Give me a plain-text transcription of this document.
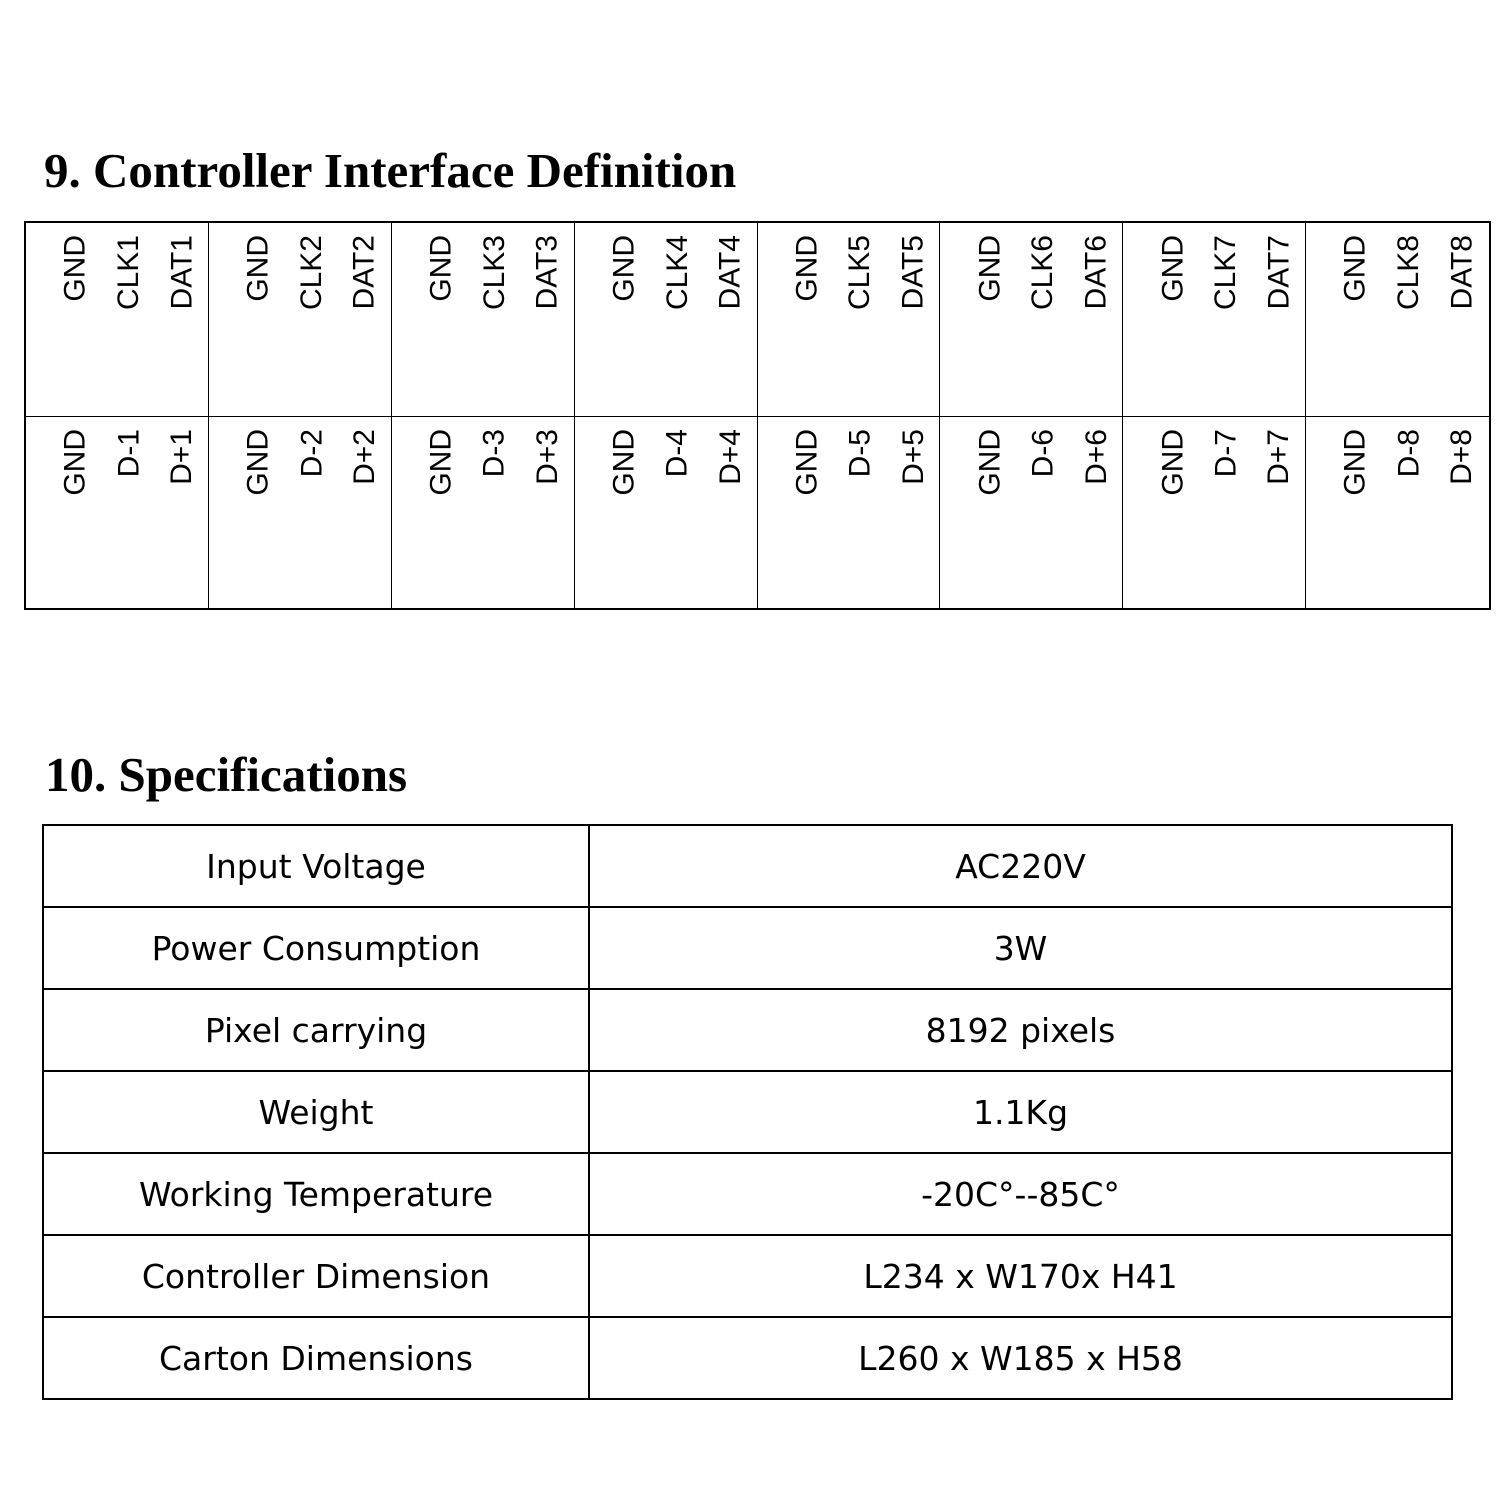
9. Controller Interface Definition
GND CLK1 DAT1 GND CLK2 DAT2 GND CLK3 DAT3 GND CLK4 DAT4 GND CLK5 DAT5 GND CLK6 DAT6 GND CLK7 DAT7 GND CLK8 DAT8
GND D-1 D+1 GND D-2 D+2 GND D-3 D+3 GND D-4 D+4 GND D-5 D+5 GND D-6 D+6 GND D-7 D+7 GND D-8 D+8
10. Specifications
Input Voltage	AC220V
Power Consumption	3W
Pixel carrying	8192 pixels
Weight	1.1Kg
Working Temperature	-20C°--85C°
Controller Dimension	L234 x W170x H41
Carton Dimensions	L260 x W185 x H58
